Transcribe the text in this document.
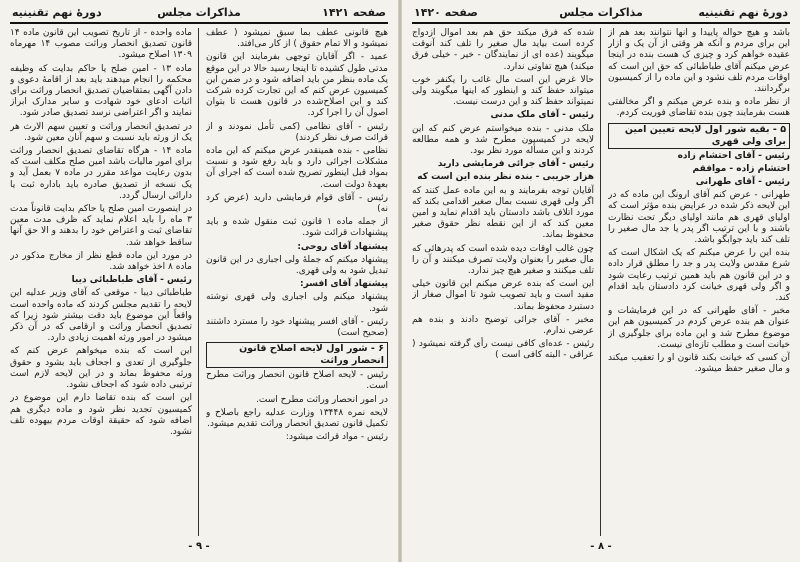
صفحه ۱۴۲۱
مذاکرات مجلس
دورهٔ نهم تقنینیه

هیچ قانونی عطف بما سبق نمیشود ( عطف نمیشود و الا تمام حقوق ) از کار می‌افتد.

عمید - اگر آقایان توجهی بفرمایند این قانون مدتی طول کشیده تا اینجا رسید حالا در این موقع یک ماده بنظر من باید اضافه شود و در ضمن این کمیسیون عرض کنم که این تجارت کرده شرکت کند و این اصلاح‌شده در قانون هست تا بتوان اصول آن را اجرا کرد.

رئیس - آقای نظامی (کمی تأمل نمودند و از قرائت صرف نظر کردند)

نظامی - بنده همینقدر عرض میکنم که این ماده مشکلات اجرائی دارد و باید رفع شود و نسبت بمواد قبل اینطور تصریح شده است که اجرای آن بعهدهٔ دولت است.

رئیس - آقای قوام فرمایشی دارید (عرض کرد نه)

از جمله ماده ۱ قانون ثبت منقول شده و باید پیشنهادات قرائت شود.

پیشنهاد آقای روحی:

پیشنهاد میکنم که جملهٔ ولی اجباری در این قانون تبدیل شود به ولی قهری.

پیشنهاد آقای افسر:

پیشنهاد میکنم ولی اجباری ولی قهری نوشته شود.

رئیس - آقای افسر پیشنهاد خود را مسترد داشتند (صحیح است)

۶ - شور اول لایحه اصلاح قانون انحصار وراثت

رئیس - لایحه اصلاح قانون انحصار وراثت مطرح است.

در امور انحصار وراثت مطرح است.

لایحه نمره ۱۳۴۴۸ وزارت عدلیه راجع باصلاح و تکمیل قانون تصدیق انحصار وراثت تقدیم میشود.

رئیس - مواد قرائت میشود:

ماده واحده - از تاریخ تصویب این قانون ماده ۱۴ قانون تصدیق انحصار وراثت مصوب ۱۴ مهرماه ۱۳۰۹ اصلاح میشود.

ماده ۱۳ - امین صلح یا حاکم بدایت که وظیفه محکمه را انجام میدهند باید بعد از اقامهٔ دعوی و دادن آگهی بمتقاضیان تصدیق انحصار وراثت برای اثبات ادعای خود شهادت و سایر مدارک ابراز نمایند و اگر اعتراضی نرسد تصدیق صادر شود.

در تصدیق انحصار وراثت و تعیین سهم الارث هر یک از ورثه باید نسبت و سهم آنان معین شود.

ماده ۱۴ - هرگاه تقاضای تصدیق انحصار وراثت برای امور مالیات باشد امین صلح مکلف است که بدون رعایت مواعد مقرر در ماده ۷ بعمل آید و یک نسخه از تصدیق صادره باید باداره ثبت یا دارائی ارسال گردد.

در اینصورت امین صلح یا حاکم بدایت قانوناً مدت ۳ ماه را باید اعلام نماید که ظرف مدت معین تقاضای ثبت و اعتراض خود را بدهند و الا حق آنها ساقط خواهد شد.

در مورد این ماده قطع نظر از مخارج مذکور در ماده ۸ اخذ خواهد شد.

رئیس - آقای طباطبائی دیبا

طباطبائی دیبا - موقعی که آقای وزیر عدلیه این لایحه را تقدیم مجلس کردند که ماده واحده است واقعاً این موضوع باید دقت بیشتر شود زیرا که تصدیق انحصار وراثت و ارقامی که در آن ذکر میشود در امور ورثه اهمیت زیادی دارد.

این است که بنده میخواهم عرض کنم که جلوگیری از تعدی و اجحاف باید بشود و حقوق ورثه محفوظ بماند و در این لایحه لازم است ترتیبی داده شود که اجحاف نشود.

این است که بنده تقاضا دارم این موضوع در کمیسیون تجدید نظر شود و ماده دیگری هم اضافه شود که حقیقة اوقات مردم بیهوده تلف نشود.

- ۹ -
دورهٔ نهم تقنینیه
مذاکرات مجلس
صفحه ۱۴۲۰

باشد و هیچ حواله پاییدا و آنها نتوانند بعد هم از این برای مردم و آنکه هر وقتی از آن یک و ازار عقیده خواهم کرد و چیزی ک هست بنده در اینجا عرض میکنم آقای طباطبائی که حق این است که اوقات مردم تلف نشود و این ماده را از کمیسیون برگردانند.

از نظر ماده و بنده عرض میکنم و اگر مخالفتی هست بفرمایند چون بنده تقاضای فوریت کردم.

۵ - بقیه شور اول لایحه تعیین امین برای ولی قهری

رئیس - آقای احتشام زاده

احتشام زاده - موافقم

رئیس - آقای طهرانی

طهرانی - عرض کنم آقای ارونگ این ماده که در این لایحه ذکر شده در عرایض بنده مؤثر است که اولیای قهری هم مانند اولیای دیگر تحت نظارت باشند و با این ترتیب اگر پدر یا جد مال صغیر را تلف کند باید جوابگو باشد.

بنده این را عرض میکنم که یک اشکال است که شرع مقدس ولایت پدر و جد را مطلق قرار داده و در این قانون هم باید همین ترتیب رعایت شود و اگر ولی قهری خیانت کرد دادستان باید اقدام کند.

مخبر - آقای طهرانی که در این فرمایشات و عنوان هم بنده عرض کردم در کمیسیون هم این موضوع مطرح شد و این ماده برای جلوگیری از خیانت است و مطلب تازه‌ای نیست.

آن کسی که خیانت بکند قانون او را تعقیب میکند و مال صغیر حفظ میشود.

شده که فرق میکند حق هم بعد اموال ازدواج کرده است بیاید مال صغیر را تلف کند آنوقت میگویند (عده ای از نمایندگان - خیر - خیلی فرق میکند) هیچ تفاوتی ندارد.

حالا غرض این است مال غائب را یکنفر خوب میتواند حفظ کند و اینطور که اینها میگویند ولی نمیتواند حفظ کند و این درست نیست.

رئیس - آقای ملک مدنی

ملک مدنی - بنده میخواستم عرض کنم که این لایحه در کمیسیون مطرح شد و همه مطالعه کردند و این مسأله مورد نظر بود.

رئیس - آقای جرائی فرمایشی دارید

هزار جریبی - بنده نظر بنده این است که

آقایان توجه بفرمایند و به این ماده عمل کنند که اگر ولی قهری نسبت بمال صغیر اقدامی بکند که مورد اتلاف باشد دادستان باید اقدام نماید و امین معین کند که از این نقطه نظر حقوق صغیر محفوظ بماند.

چون غالب اوقات دیده شده است که پدرهائی که مال صغیر را بعنوان ولایت تصرف میکنند و آن را تلف میکنند و صغیر هیچ چیز ندارد.

این است که بنده عرض میکنم این قانون خیلی مفید است و باید تصویب شود تا اموال صغار از دستبرد محفوظ بماند.

مخبر - آقای جرائی توضیح دادند و بنده هم عرضی ندارم.

رئیس - عده‌ای کافی نیست رأی گرفته نمیشود ( عراقی - البته کافی است )

- ۸ -
